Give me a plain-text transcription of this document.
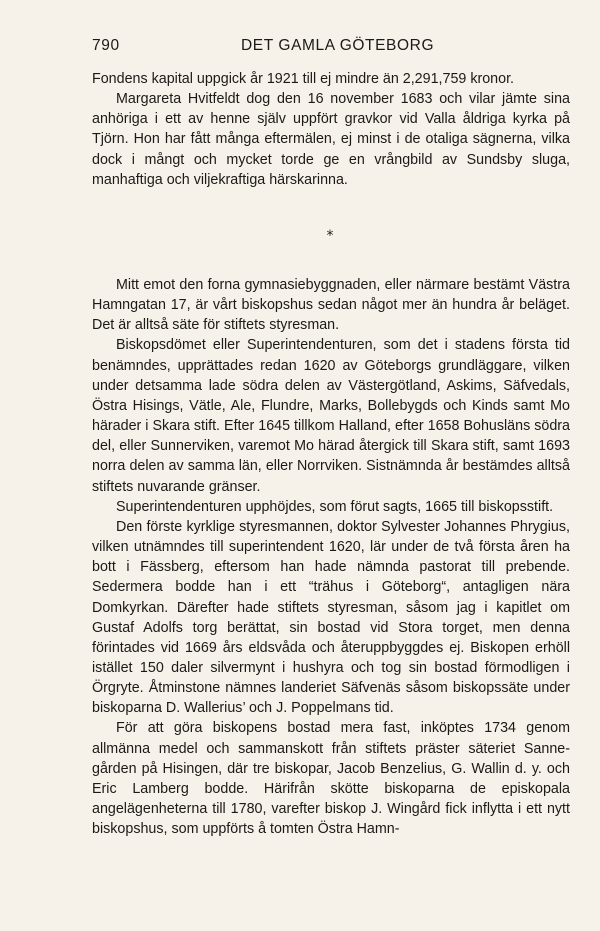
790	DET GAMLA GÖTEBORG

Fondens kapital uppgick år 1921 till ej mindre än 2,291,759 kronor.

Margareta Hvitfeldt dog den 16 november 1683 och vilar jämte sina anhöriga i ett av henne själv uppfört gravkor vid Valla åldriga kyrka på Tjörn. Hon har fått många eftermälen, ej minst i de otaliga sägnerna, vilka dock i mångt och mycket torde ge en vrångbild av Sundsby sluga, manhaftiga och viljekraftiga härskarinna.

*

Mitt emot den forna gymnasiebyggnaden, eller närmare bestämt Västra Hamngatan 17, är vårt biskopshus sedan något mer än hundra år beläget. Det är alltså säte för stiftets styresman.

Biskopsdömet eller Superintendenturen, som det i stadens första tid benämndes, upprättades redan 1620 av Göteborgs grundläggare, vilken under detsamma lade södra delen av Västergötland, Askims, Säfvedals, Östra Hisings, Vätle, Ale, Flundre, Marks, Bollebygds och Kinds samt Mo härader i Skara stift. Efter 1645 tillkom Halland, efter 1658 Bohusläns södra del, eller Sunnerviken, varemot Mo härad återgick till Skara stift, samt 1693 norra delen av samma län, eller Norrviken. Sistnämnda år bestämdes alltså stiftets nuvarande gränser.

Superintendenturen upphöjdes, som förut sagts, 1665 till biskopsstift.

Den förste kyrklige styresmannen, doktor Sylvester Johannes Phrygius, vilken utnämndes till superintendent 1620, lär under de två första åren ha bott i Fässberg, eftersom han hade nämnda pastorat till prebende. Sedermera bodde han i ett “trähus i Göteborg“, antagligen nära Domkyrkan. Därefter hade stiftets styresman, såsom jag i kapitlet om Gustaf Adolfs torg berättat, sin bostad vid Stora torget, men denna förintades vid 1669 års eldsvåda och återuppbyggdes ej. Biskopen erhöll istället 150 daler silvermynt i hushyra och tog sin bostad förmodligen i Örgryte. Åtminstone nämnes landeriet Säfvenäs såsom biskopssäte under biskoparna D. Wallerius’ och J. Poppelmans tid.

För att göra biskopens bostad mera fast, inköptes 1734 genom allmänna medel och sammanskott från stiftets präster säteriet Sannegården på Hisingen, där tre biskopar, Jacob Benzelius, G. Wallin d. y. och Eric Lamberg bodde. Härifrån skötte biskoparna de episkopala angelägenheterna till 1780, varefter biskop J. Wingård fick inflytta i ett nytt biskopshus, som uppförts å tomten Östra Hamn-
